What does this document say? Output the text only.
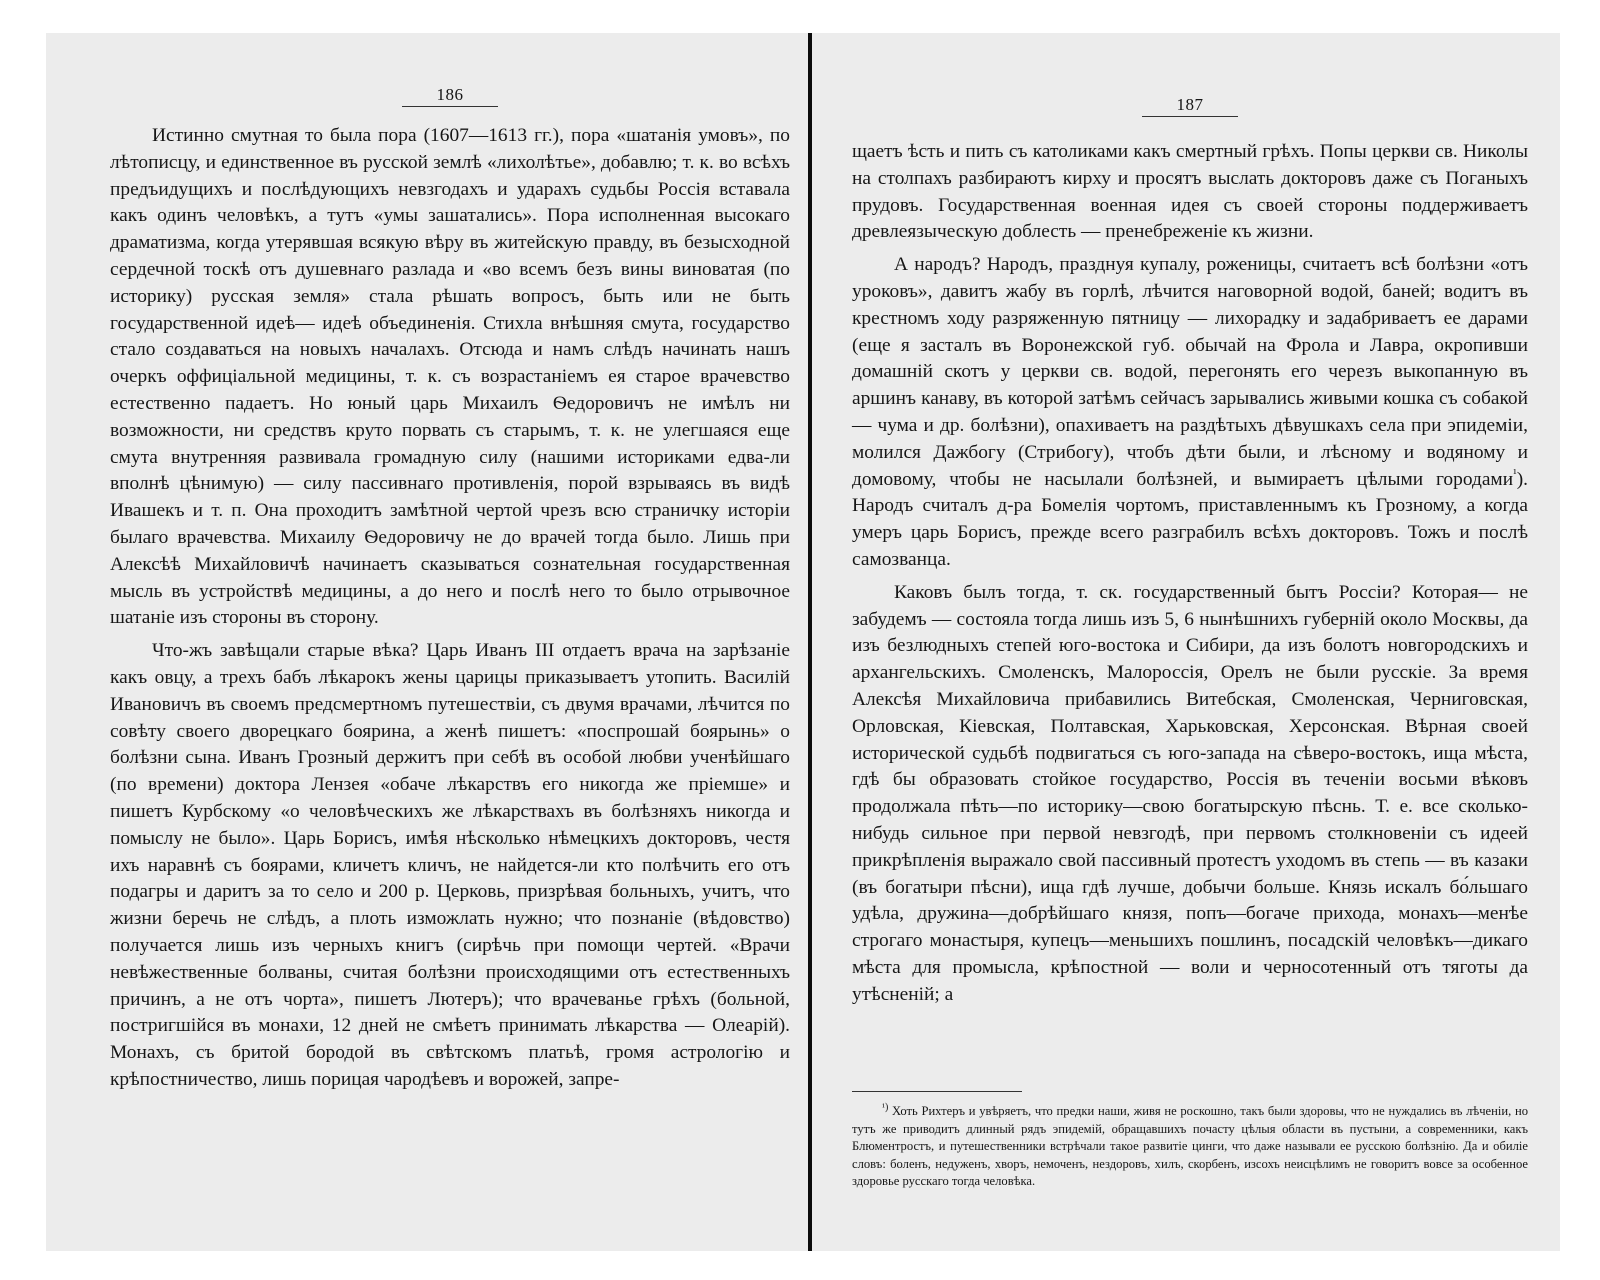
186

Истинно смутная то была пора (1607—1613 гг.), пора «шатанія умовъ», по лѣтописцу, и единственное въ русской землѣ «лихолѣтье», добавлю; т. к. во всѣхъ предъидущихъ и послѣдующихъ невзгодахъ и ударахъ судьбы Россія вставала какъ одинъ человѣкъ, а тутъ «умы зашатались». Пора исполненная высокаго драматизма, когда утерявшая всякую вѣру въ житейскую правду, въ безысходной сердечной тоскѣ отъ душевнаго разлада и «во всемъ безъ вины виноватая (по историку) русская земля» стала рѣшать вопросъ, быть или не быть государственной идеѣ— идеѣ объединенія. Стихла внѣшняя смута, государство стало создаваться на новыхъ началахъ. Отсюда и намъ слѣдъ начинать нашъ очеркъ оффиціальной медицины, т. к. съ возрастаніемъ ея старое врачевство естественно падаетъ. Но юный царь Михаилъ Ѳедоровичъ не имѣлъ ни возможности, ни средствъ круто порвать съ старымъ, т. к. не улегшаяся еще смута внутренняя развивала громадную силу (нашими историками едва-ли вполнѣ цѣнимую) — силу пассивнаго противленія, порой взрываясь въ видѣ Ивашекъ и т. п. Она проходитъ замѣтной чертой чрезъ всю страничку исторіи былаго врачевства. Михаилу Ѳедоровичу не до врачей тогда было. Лишь при Алексѣѣ Михайловичѣ начинаетъ сказываться сознательная государственная мысль въ устройствѣ медицины, а до него и послѣ него то было отрывочное шатаніе изъ стороны въ сторону.

Что-жъ завѣщали старые вѣка? Царь Иванъ III отдаетъ врача на зарѣзаніе какъ овцу, а трехъ бабъ лѣкарокъ жены царицы приказываетъ утопить. Василій Ивановичъ въ своемъ предсмертномъ путешествіи, съ двумя врачами, лѣчится по совѣту своего дворецкаго боярина, а женѣ пишетъ: «поспрошай боярынь» о болѣзни сына. Иванъ Грозный держитъ при себѣ въ особой любви ученѣйшаго (по времени) доктора Лензея «обаче лѣкарствъ его никогда же пріемше» и пишетъ Курбскому «о человѣческихъ же лѣкарствахъ въ болѣзняхъ никогда и помыслу не было». Царь Борисъ, имѣя нѣсколько нѣмецкихъ докторовъ, честя ихъ наравнѣ съ боярами, кличетъ кличъ, не найдется-ли кто полѣчить его отъ подагры и даритъ за то село и 200 р. Церковь, призрѣвая больныхъ, учитъ, что жизни беречь не слѣдъ, а плоть изможлать нужно; что познаніе (вѣдовство) получается лишь изъ черныхъ книгъ (сирѣчь при помощи чертей. «Врачи невѣжественные болваны, считая болѣзни происходящими отъ естественныхъ причинъ, а не отъ чорта», пишетъ Лютеръ); что врачеванье грѣхъ (больной, постригшійся въ монахи, 12 дней не смѣетъ принимать лѣкарства — Олеарій). Монахъ, съ бритой бородой въ свѣтскомъ платьѣ, громя астрологію и крѣпостничество, лишь порицая чародѣевъ и ворожей, запре-

187

щаетъ ѣсть и пить съ католиками какъ смертный грѣхъ. Попы церкви св. Николы на столпахъ разбираютъ кирху и просятъ выслать докторовъ даже съ Поганыхъ прудовъ. Государственная военная идея съ своей стороны поддерживаетъ древлеязыческую доблесть — пренебреженіе къ жизни.

А народъ? Народъ, празднуя купалу, роженицы, считаетъ всѣ болѣзни «отъ уроковъ», давитъ жабу въ горлѣ, лѣчится наговорной водой, баней; водитъ въ крестномъ ходу разряженную пятницу — лихорадку и задабриваетъ ее дарами (еще я засталъ въ Воронежской губ. обычай на Фрола и Лавра, окропивши домашній скотъ у церкви св. водой, перегонять его черезъ выкопанную въ аршинъ канаву, въ которой затѣмъ сейчасъ зарывались живыми кошка съ собакой — чума и др. болѣзни), опахиваетъ на раздѣтыхъ дѣвушкахъ села при эпидеміи, молился Дажбогу (Стрибогу), чтобъ дѣти были, и лѣсному и водяному и домовому, чтобы не насылали болѣзней, и вымираетъ цѣлыми городами$^{^1}$). Народъ считалъ д-ра Бомелія чортомъ, приставленнымъ къ Грозному, а когда умеръ царь Борисъ, прежде всего разграбилъ всѣхъ докторовъ. Тожъ и послѣ самозванца.

Каковъ былъ тогда, т. ск. государственный бытъ Россіи? Которая— не забудемъ — состояла тогда лишь изъ 5, 6 нынѣшнихъ губерній около Москвы, да изъ безлюдныхъ степей юго-востока и Сибири, да изъ болотъ новгородскихъ и архангельскихъ. Смоленскъ, Малороссія, Орелъ не были русскіе. За время Алексѣя Михайловича прибавились Витебская, Смоленская, Черниговская, Орловская, Кіевская, Полтавская, Харьковская, Херсонская. Вѣрная своей исторической судьбѣ подвигаться съ юго-запада на сѣверо-востокъ, ища мѣста, гдѣ бы образовать стойкое государство, Россія въ теченіи восьми вѣковъ продолжала пѣть—по историку—свою богатырскую пѣснь. Т. е. все сколько-нибудь сильное при первой невзгодѣ, при первомъ столкновеніи съ идеей прикрѣпленія выражало свой пассивный протестъ уходомъ въ степь — въ казаки (въ богатыри пѣсни), ища гдѣ лучше, добычи больше. Князь искалъ бо́льшаго удѣла, дружина—добрѣйшаго князя, попъ—богаче прихода, монахъ—менѣе строгаго монастыря, купецъ—меньшихъ пошлинъ, посадскій человѣкъ—дикаго мѣста для промысла, крѣпостной — воли и черносотенный отъ тяготы да утѣсненій; а

$^{^1)}$ Хоть Рихтеръ и увѣряетъ, что предки наши, живя не роскошно, такъ были здоровы, что не нуждались въ лѣченіи, но тутъ же приводитъ длинный рядъ эпидемій, обращавшихъ почасту цѣлыя области въ пустыни, а современники, какъ Блюментростъ, и путешественники встрѣчали такое развитіе цинги, что даже называли ее русскою болѣзнію. Да и обиліе словъ: боленъ, недуженъ, хворъ, немоченъ, нездоровъ, хилъ, скорбенъ, изсохъ неисцѣлимъ не говоритъ вовсе за особенное здоровье русскаго тогда человѣка.
